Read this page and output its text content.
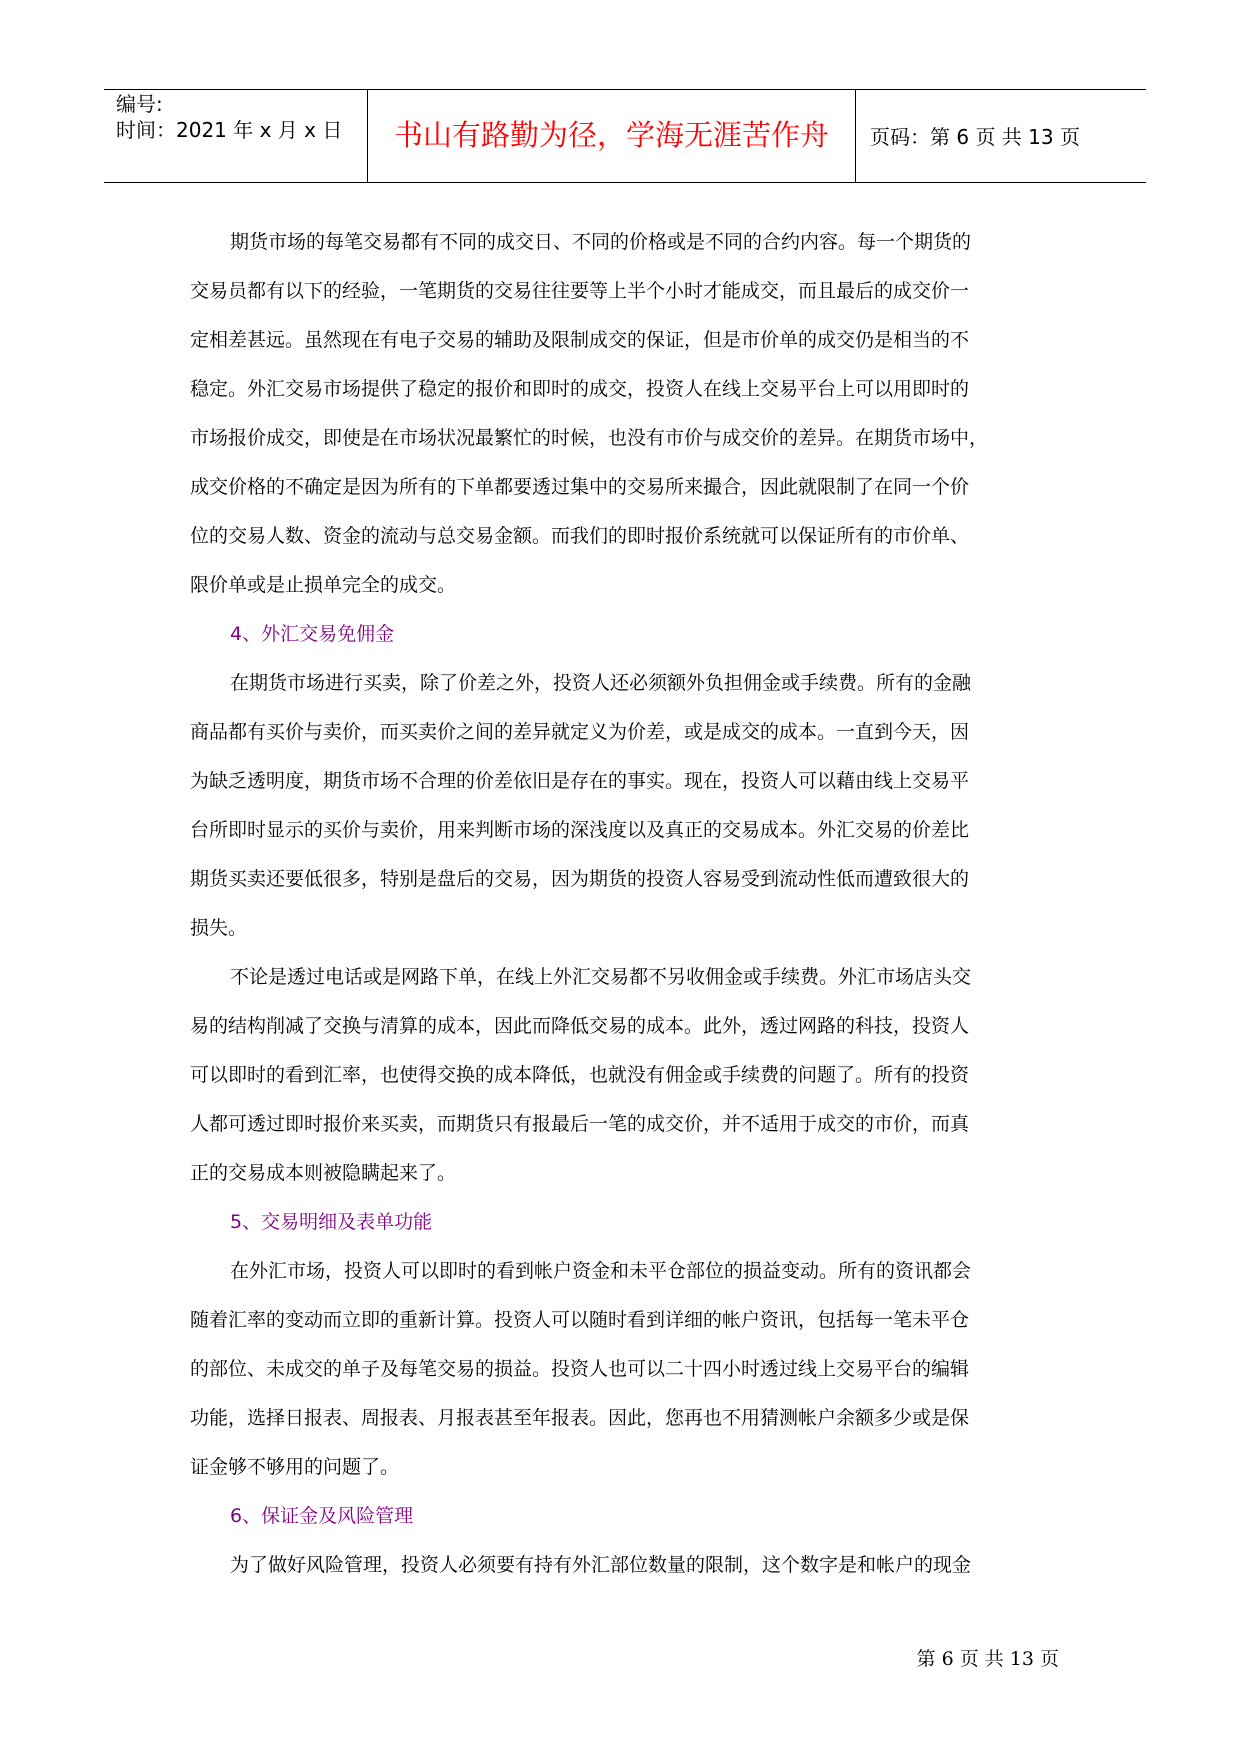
编号:
时间：2021 年 x 月 x 日	书山有路勤为径，学海无涯苦作舟	页码：第 6 页 共 13 页
期货市场的每笔交易都有不同的成交日、不同的价格或是不同的合约内容。每一个期货的
交易员都有以下的经验，一笔期货的交易往往要等上半个小时才能成交，而且最后的成交价一
定相差甚远。虽然现在有电子交易的辅助及限制成交的保证，但是市价单的成交仍是相当的不
稳定。外汇交易市场提供了稳定的报价和即时的成交，投资人在线上交易平台上可以用即时的
市场报价成交，即使是在市场状况最繁忙的时候，也没有市价与成交价的差异。在期货市场中，
成交价格的不确定是因为所有的下单都要透过集中的交易所来撮合，因此就限制了在同一个价
位的交易人数、资金的流动与总交易金额。而我们的即时报价系统就可以保证所有的市价单、
限价单或是止损单完全的成交。
4、外汇交易免佣金
在期货市场进行买卖，除了价差之外，投资人还必须额外负担佣金或手续费。所有的金融
商品都有买价与卖价，而买卖价之间的差异就定义为价差，或是成交的成本。一直到今天，因
为缺乏透明度，期货市场不合理的价差依旧是存在的事实。现在，投资人可以藉由线上交易平
台所即时显示的买价与卖价，用来判断市场的深浅度以及真正的交易成本。外汇交易的价差比
期货买卖还要低很多，特别是盘后的交易，因为期货的投资人容易受到流动性低而遭致很大的
损失。
不论是透过电话或是网路下单，在线上外汇交易都不另收佣金或手续费。外汇市场店头交
易的结构削减了交换与清算的成本，因此而降低交易的成本。此外，透过网路的科技，投资人
可以即时的看到汇率，也使得交换的成本降低，也就没有佣金或手续费的问题了。所有的投资
人都可透过即时报价来买卖，而期货只有报最后一笔的成交价，并不适用于成交的市价，而真
正的交易成本则被隐瞒起来了。
5、交易明细及表单功能
在外汇市场，投资人可以即时的看到帐户资金和未平仓部位的损益变动。所有的资讯都会
随着汇率的变动而立即的重新计算。投资人可以随时看到详细的帐户资讯，包括每一笔未平仓
的部位、未成交的单子及每笔交易的损益。投资人也可以二十四小时透过线上交易平台的编辑
功能，选择日报表、周报表、月报表甚至年报表。因此，您再也不用猜测帐户余额多少或是保
证金够不够用的问题了。
6、保证金及风险管理
为了做好风险管理，投资人必须要有持有外汇部位数量的限制，这个数字是和帐户的现金
第 6 页 共 13 页
